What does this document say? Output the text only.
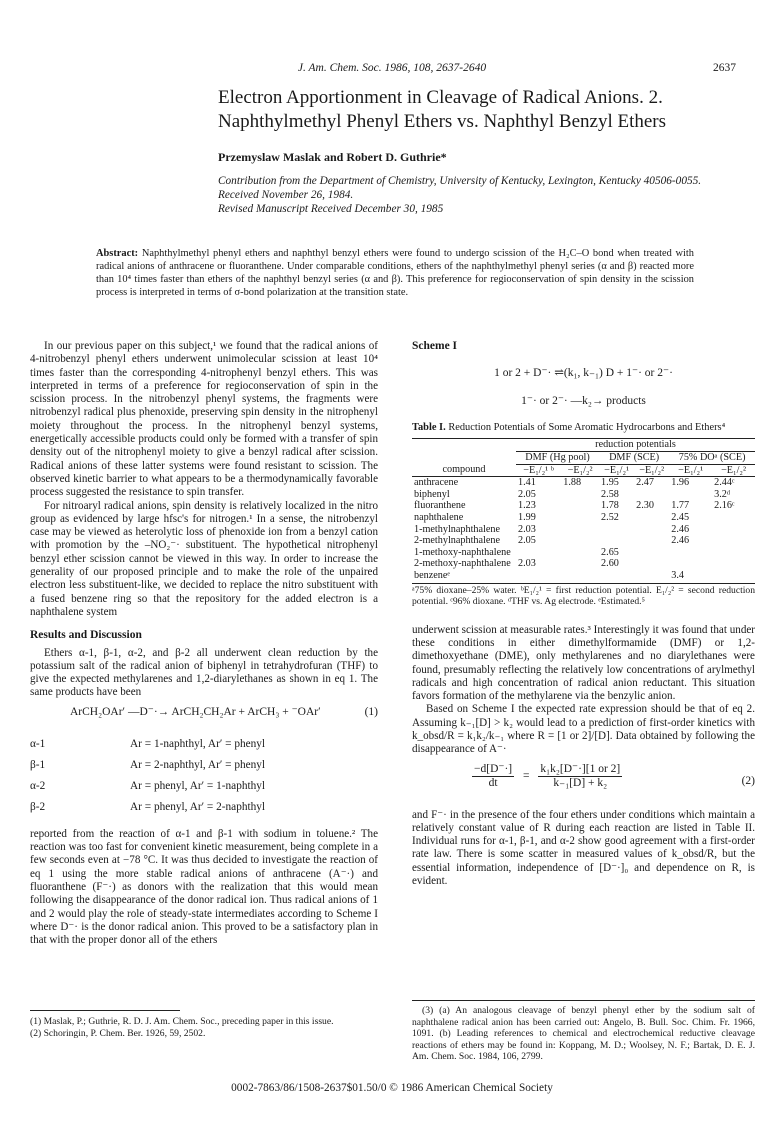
J. Am. Chem. Soc. 1986, 108, 2637-2640	2637
Electron Apportionment in Cleavage of Radical Anions. 2. Naphthylmethyl Phenyl Ethers vs. Naphthyl Benzyl Ethers
Przemyslaw Maslak and Robert D. Guthrie*
Contribution from the Department of Chemistry, University of Kentucky, Lexington, Kentucky 40506-0055. Received November 26, 1984.
Revised Manuscript Received December 30, 1985
Abstract: Naphthylmethyl phenyl ethers and naphthyl benzyl ethers were found to undergo scission of the H₂C–O bond when treated with radical anions of anthracene or fluoranthene. Under comparable conditions, ethers of the naphthylmethyl phenyl series (α and β) reacted more than 10⁴ times faster than ethers of the naphthyl benzyl series (α and β). This preference for regioconservation of spin density in the scission process is interpreted in terms of σ-bond polarization at the transition state.

In our previous paper on this subject,¹ we found that the radical anions of 4-nitrobenzyl phenyl ethers underwent unimolecular scission at least 10⁴ times faster than the corresponding 4-nitrophenyl benzyl ethers. This was interpreted in terms of a preference for regioconservation of spin in the scission process. In the nitrobenzyl phenyl systems, the fragments were nitrobenzyl radical plus phenoxide, preserving spin density in the nitrophenyl moiety throughout the process. In the nitrophenyl benzyl systems, energetically accessible products could only be formed with a transfer of spin density out of the nitrophenyl moiety to give a benzyl radical after scission. Radical anions of these latter systems were found resistant to scission. The observed kinetic barrier to what appears to be a thermodynamically favorable process suggested the resistance to spin transfer.

For nitroaryl radical anions, spin density is relatively localized in the nitro group as evidenced by large hfsc's for nitrogen.¹ In a sense, the nitrobenzyl case may be viewed as heterolytic loss of phenoxide ion from a benzyl cation with promotion by the –NO₂⁻· substituent. The hypothetical nitrophenyl benzyl ether scission cannot be viewed in this way. In order to increase the generality of our proposed principle and to make the role of the unpaired electron less substituent-like, we decided to replace the nitro substituent with a fused benzene ring so that the repository for the added electron is a naphthalene system

Results and Discussion

Ethers α-1, β-1, α-2, and β-2 all underwent clean reduction by the potassium salt of the radical anion of biphenyl in tetrahydrofuran (THF) to give the expected methylarenes and 1,2-diarylethanes as shown in eq 1. The same products have been

ArCH₂OAr′ —D⁻·→ ArCH₂CH₂Ar + ArCH₃ + ⁻OAr′	(1)
α-1	Ar = 1-naphthyl, Ar′ = phenyl
β-1	Ar = 2-naphthyl, Ar′ = phenyl
α-2	Ar = phenyl, Ar′ = 1-naphthyl
β-2	Ar = phenyl, Ar′ = 2-naphthyl

reported from the reaction of α-1 and β-1 with sodium in toluene.² The reaction was too fast for convenient kinetic measurement, being complete in a few seconds even at −78 °C. It was thus decided to investigate the reaction of eq 1 using the more stable radical anions of anthracene (A⁻·) and fluoranthene (F⁻·) as donors with the realization that this would mean following the disappearance of the donor radical ion. Thus radical anions of 1 and 2 would play the role of steady-state intermediates according to Scheme I where D⁻· is the donor radical anion. This proved to be a satisfactory plan in that with the proper donor all of the ethers

(1) Maslak, P.; Guthrie, R. D. J. Am. Chem. Soc., preceding paper in this issue.
(2) Schoringin, P. Chem. Ber. 1926, 59, 2502.
Scheme I
1 or 2 + D⁻· ⇌(k₁, k₋₁) D + 1⁻· or 2⁻·
1⁻· or 2⁻· —k₂→ products
Table I. Reduction Potentials of Some Aromatic Hydrocarbons and Ethers⁴
	reduction potentials					
	DMF (Hg pool)		DMF (SCE)		75% DOᵃ (SCE)	
compound	−E₁/₂¹ ᵇ	−E₁/₂²	−E₁/₂¹	−E₁/₂²	−E₁/₂¹	−E₁/₂²
anthracene	1.41	1.88	1.95	2.47	1.96	2.44ᶜ
biphenyl	2.05		2.58			3.2ᵈ
fluoranthene	1.23		1.78	2.30	1.77	2.16ᶜ
naphthalene	1.99		2.52		2.45	
1-methylnaphthalene	2.03				2.46	
2-methylnaphthalene	2.05				2.46	
1-methoxy-naphthalene			2.65			
2-methoxy-naphthalene	2.03		2.60			
benzeneᵉ					3.4	
ᵃ75% dioxane–25% water. ᵇE₁/₂¹ = first reduction potential. E₁/₂² = second reduction potential. ᶜ96% dioxane. ᵈTHF vs. Ag electrode. ᵉEstimated.⁵

underwent scission at measurable rates.³ Interestingly it was found that under these conditions in either dimethylformamide (DMF) or 1,2-dimethoxyethane (DME), only methylarenes and no diarylethanes were found, presumably reflecting the relatively low concentrations of arylmethyl radicals and high concentration of radical anion reductant. This situation favors formation of the methylarene via the benzylic anion.

Based on Scheme I the expected rate expression should be that of eq 2. Assuming k₋₁[D] > k₂ would lead to a prediction of first-order kinetics with k_obsd/R = k₁k₂/k₋₁ where R = [1 or 2]/[D]. Data obtained by following the disappearance of A⁻·

$\frac{-d[D^-\cdot]}{dt} = \frac{\text{k₁k₂[D⁻·][1 or 2]}}{\text{k₋₁[D] + k₂}}$	(2)

and F⁻· in the presence of the four ethers under conditions which maintain a relatively constant value of R during each reaction are listed in Table II. Individual runs for α-1, β-1, and α-2 show good agreement with a first-order rate law. There is some scatter in measured values of k_obsd/R, but the essential information, independence of [D⁻·]₀ and dependence on R, is evident.

(3) (a) An analogous cleavage of benzyl phenyl ether by the sodium salt of naphthalene radical anion has been carried out: Angelo, B. Bull. Soc. Chim. Fr. 1966, 1091. (b) Leading references to chemical and electrochemical reductive cleavage reactions of ethers may be found in: Koppang, M. D.; Woolsey, N. F.; Bartak, D. E. J. Am. Chem. Soc. 1984, 106, 2799.
0002-7863/86/1508-2637$01.50/0 © 1986 American Chemical Society
